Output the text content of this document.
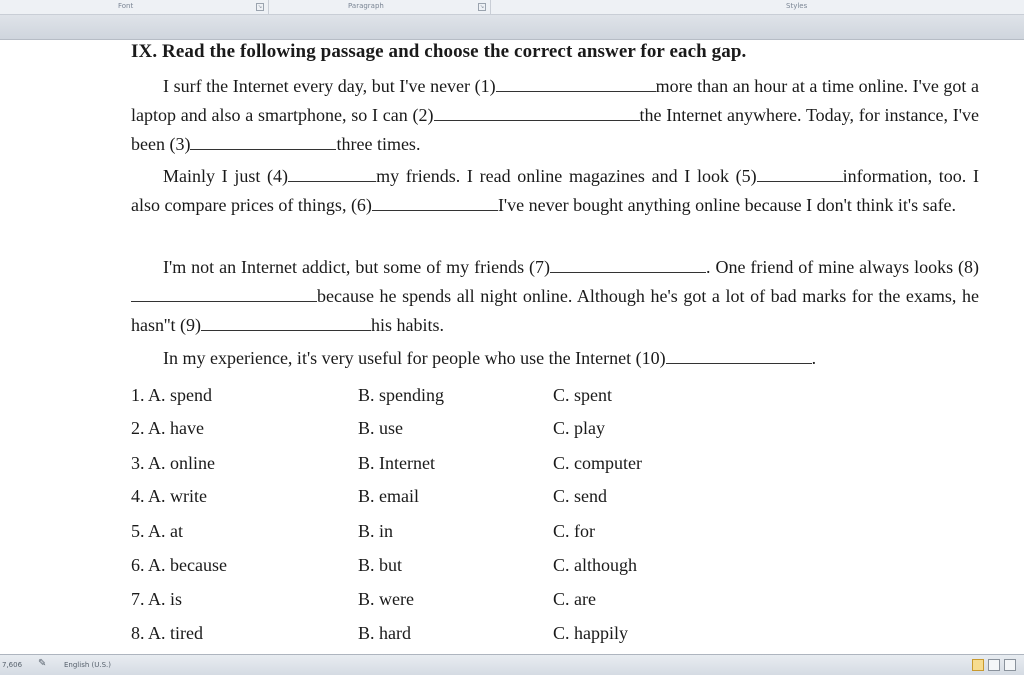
Font	↘	Paragraph	↘	Styles
IX. Read the following passage and choose the correct answer for each gap.
I surf the Internet every day, but I've never (1)	more than an hour at a time online. I've got a laptop and also a smartphone, so I can (2)	the Internet anywhere. Today, for instance, I've been (3)	three times.
Mainly I just (4)	my friends. I read online magazines and I look (5)	information, too. I also compare prices of things, (6)	I've never bought anything online because I don't think it's safe.
I'm not an Internet addict, but some of my friends (7)	. One friend of mine always looks (8)because he spends all night online. Although he's got a lot of bad marks for the exams, he hasn''t (9)	his habits.
In my experience, it's very useful for people who use the Internet (10)	.
1. A. spend	B. spending	C. spent
2. A. have	B. use	C. play
3. A. online	B. Internet	C. computer
4. A. write	B. email	C. send
5. A. at	B. in	C. for
6. A. because	B. but	C. although
7. A. is	B. were	C. are
8. A. tired	B. hard	C. happily
7,606 ✎	English (U.S.)
